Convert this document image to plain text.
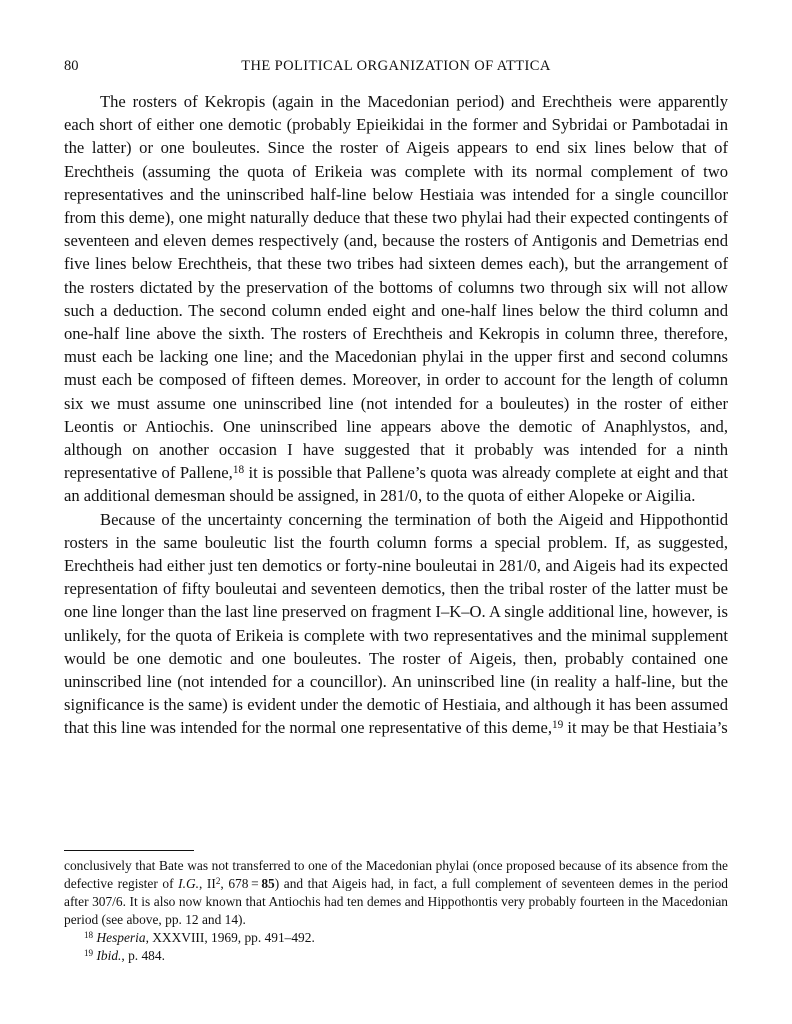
80	THE POLITICAL ORGANIZATION OF ATTICA

The rosters of Kekropis (again in the Macedonian period) and Erechtheis were apparently each short of either one demotic (probably Epieikidai in the former and Sybridai or Pambotadai in the latter) or one bouleutes. Since the roster of Aigeis appears to end six lines below that of Erechtheis (assuming the quota of Erikeia was complete with its normal complement of two representatives and the uninscribed half-line below Hestiaia was intended for a single councillor from this deme), one might naturally deduce that these two phylai had their expected contingents of seventeen and eleven demes respectively (and, because the rosters of Antigonis and Demetrias end five lines below Erechtheis, that these two tribes had sixteen demes each), but the arrangement of the rosters dictated by the preservation of the bottoms of columns two through six will not allow such a deduction. The second column ended eight and one-half lines below the third column and one-half line above the sixth. The rosters of Erechtheis and Kekropis in column three, therefore, must each be lacking one line; and the Macedonian phylai in the upper first and second columns must each be composed of fifteen demes. Moreover, in order to account for the length of column six we must assume one uninscribed line (not intended for a bouleutes) in the roster of either Leontis or Antiochis. One uninscribed line appears above the demotic of Anaphlystos, and, although on another occasion I have suggested that it probably was intended for a ninth representative of Pallene,$^{18}$ it is possible that Pallene’s quota was already complete at eight and that an additional demesman should be assigned, in 281/0, to the quota of either Alopeke or Aigilia.

Because of the uncertainty concerning the termination of both the Aigeid and Hippothontid rosters in the same bouleutic list the fourth column forms a special problem. If, as suggested, Erechtheis had either just ten demotics or forty-nine bouleutai in 281/0, and Aigeis had its expected representation of fifty bouleutai and seventeen demotics, then the tribal roster of the latter must be one line longer than the last line preserved on fragment I–K–O. A single additional line, however, is unlikely, for the quota of Erikeia is complete with two representatives and the minimal supplement would be one demotic and one bouleutes. The roster of Aigeis, then, probably contained one uninscribed line (not intended for a councillor). An uninscribed line (in reality a half-line, but the significance is the same) is evident under the demotic of Hestiaia, and although it has been assumed that this line was intended for the normal one representative of this deme,$^{19}$ it may be that Hestiaia’s

conclusively that Bate was not transferred to one of the Macedonian phylai (once proposed because of its absence from the defective register of I.G., $II^2$, 678 = 85) and that Aigeis had, in fact, a full complement of seventeen demes in the period after 307/6. It is also now known that Antiochis had ten demes and Hippothontis very probably fourteen in the Macedonian period (see above, pp. 12 and 14).

$^{18}$ Hesperia, XXXVIII, 1969, pp. 491–492.

$^{19}$ Ibid., p. 484.
